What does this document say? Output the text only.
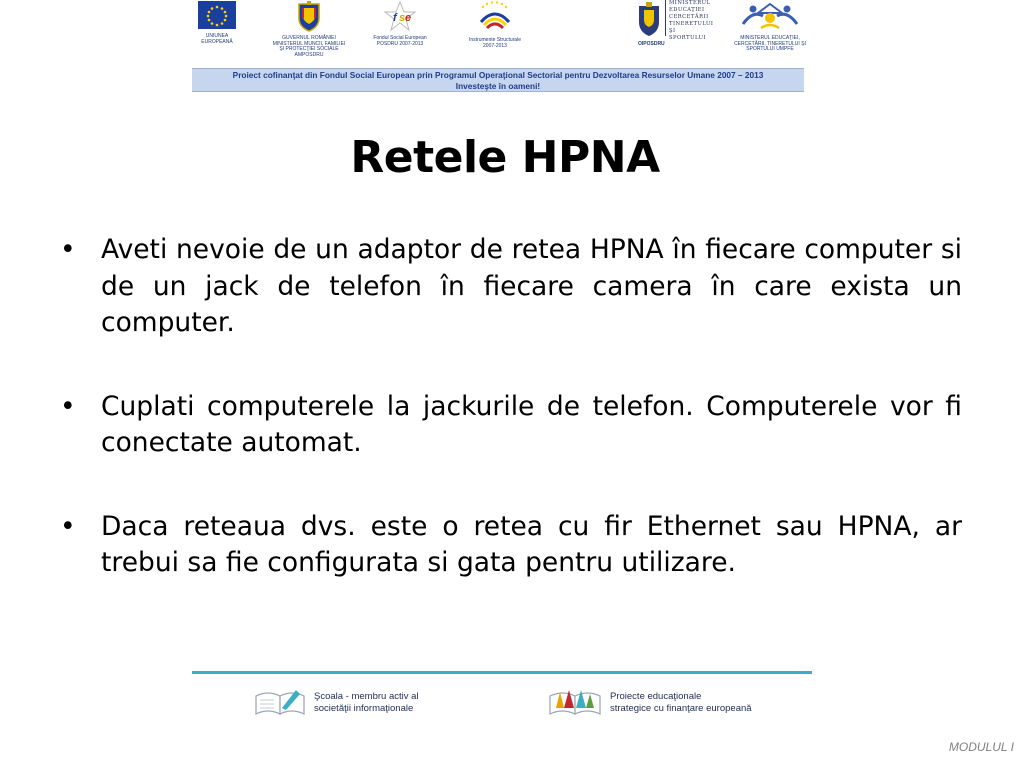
UNIUNEA EUROPEANĂ
GUVERNUL ROMÂNIEI MINISTERUL MUNCII, FAMILIEI ŞI PROTECŢIEI SOCIALE AMPOSDRU
f s e
Fondul Social European POSDRU 2007-2013
Instrumente Structurale 2007-2013
MINISTERUL EDUCAŢIEI CERCETĂRII TINERETULUI ŞI SPORTULUI
OIPOSDRU
MINISTERUL EDUCAŢIEI, CERCETĂRII, TINERETULUI ŞI SPORTULUI UMPFE
Proiect cofinanţat din Fondul Social European prin Programul Operaţional Sectorial pentru Dezvoltarea Resurselor Umane 2007 – 2013
Investeşte în oameni!
Retele HPNA
• Aveti nevoie de un adaptor de retea HPNA în fiecare computer si de un jack de telefon în fiecare camera în care exista un computer.
• Cuplati computerele la jackurile de telefon. Computerele vor fi conectate automat.
• Daca reteaua dvs. este o retea cu fir Ethernet sau HPNA, ar trebui sa fie configurata si gata pentru utilizare.
Şcoala - membru activ al
societăţii informaţionale
Proiecte educaţionale
strategice cu finanţare europeană
MODULUL I
